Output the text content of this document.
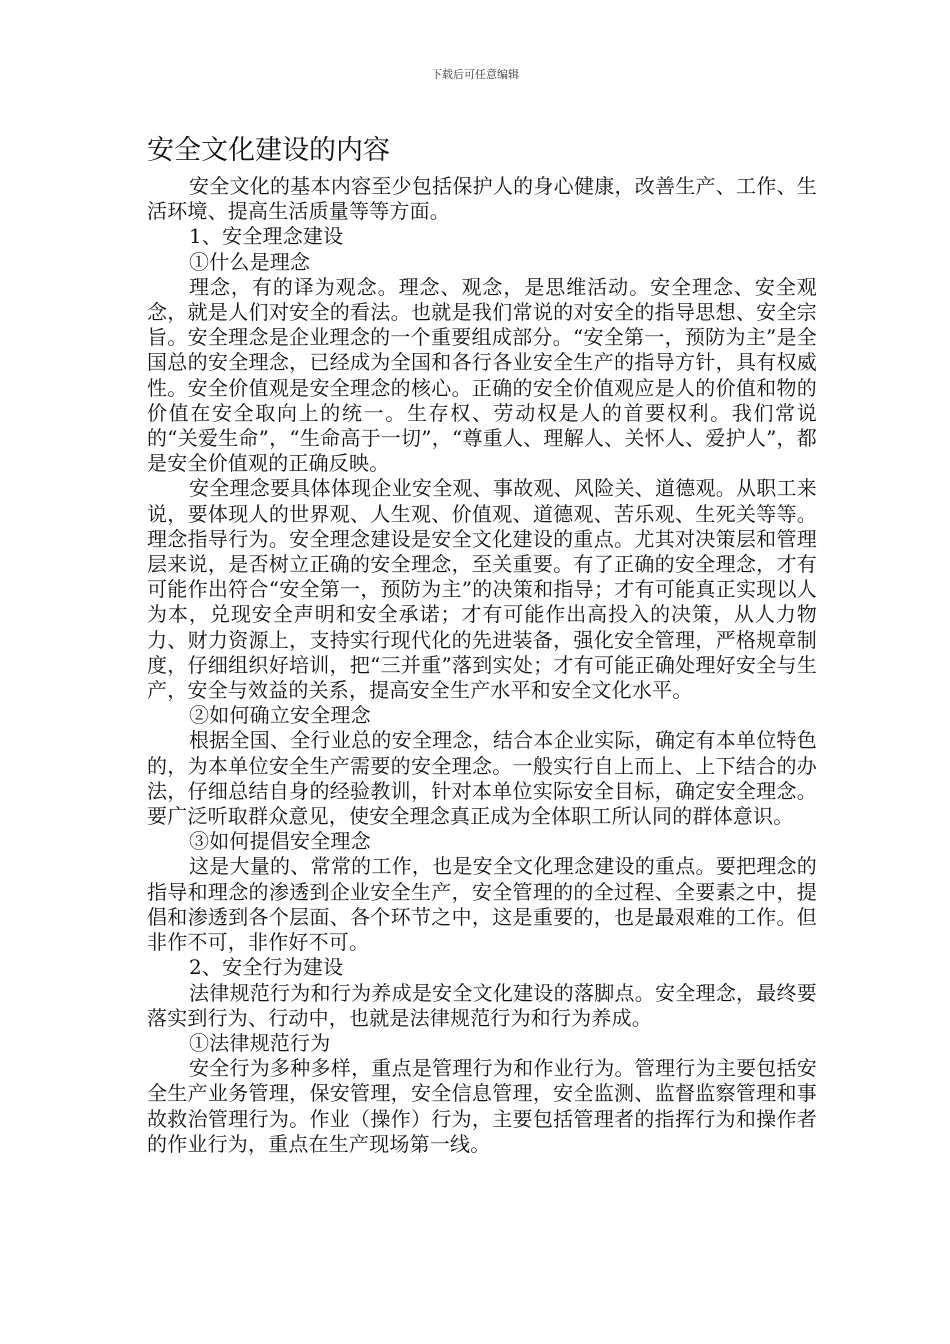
下载后可任意编辑
安全文化建设的内容

安全文化的基本内容至少包括保护人的身心健康，改善生产、工作、生活环境、提高生活质量等等方面。

1、安全理念建设

①什么是理念

理念，有的译为观念。理念、观念，是思维活动。安全理念、安全观念，就是人们对安全的看法。也就是我们常说的对安全的指导思想、安全宗旨。安全理念是企业理念的一个重要组成部分。“安全第一，预防为主”是全国总的安全理念，已经成为全国和各行各业安全生产的指导方针，具有权威性。安全价值观是安全理念的核心。正确的安全价值观应是人的价值和物的价值在安全取向上的统一。生存权、劳动权是人的首要权利。我们常说的“关爱生命”，“生命高于一切”，“尊重人、理解人、关怀人、爱护人”，都是安全价值观的正确反映。

安全理念要具体体现企业安全观、事故观、风险关、道德观。从职工来说，要体现人的世界观、人生观、价值观、道德观、苦乐观、生死关等等。理念指导行为。安全理念建设是安全文化建设的重点。尤其对决策层和管理层来说，是否树立正确的安全理念，至关重要。有了正确的安全理念，才有可能作出符合“安全第一，预防为主”的决策和指导；才有可能真正实现以人为本，兑现安全声明和安全承诺；才有可能作出高投入的决策，从人力物力、财力资源上，支持实行现代化的先进装备，强化安全管理，严格规章制度，仔细组织好培训，把“三并重”落到实处；才有可能正确处理好安全与生产，安全与效益的关系，提高安全生产水平和安全文化水平。

②如何确立安全理念

根据全国、全行业总的安全理念，结合本企业实际，确定有本单位特色的，为本单位安全生产需要的安全理念。一般实行自上而上、上下结合的办法，仔细总结自身的经验教训，针对本单位实际安全目标，确定安全理念。要广泛听取群众意见，使安全理念真正成为全体职工所认同的群体意识。

③如何提倡安全理念

这是大量的、常常的工作，也是安全文化理念建设的重点。要把理念的指导和理念的渗透到企业安全生产，安全管理的的全过程、全要素之中，提倡和渗透到各个层面、各个环节之中，这是重要的，也是最艰难的工作。但非作不可，非作好不可。

2、安全行为建设

法律规范行为和行为养成是安全文化建设的落脚点。安全理念，最终要落实到行为、行动中，也就是法律规范行为和行为养成。

①法律规范行为

安全行为多种多样，重点是管理行为和作业行为。管理行为主要包括安全生产业务管理，保安管理，安全信息管理，安全监测、监督监察管理和事故救治管理行为。作业（操作）行为，主要包括管理者的指挥行为和操作者的作业行为，重点在生产现场第一线。
